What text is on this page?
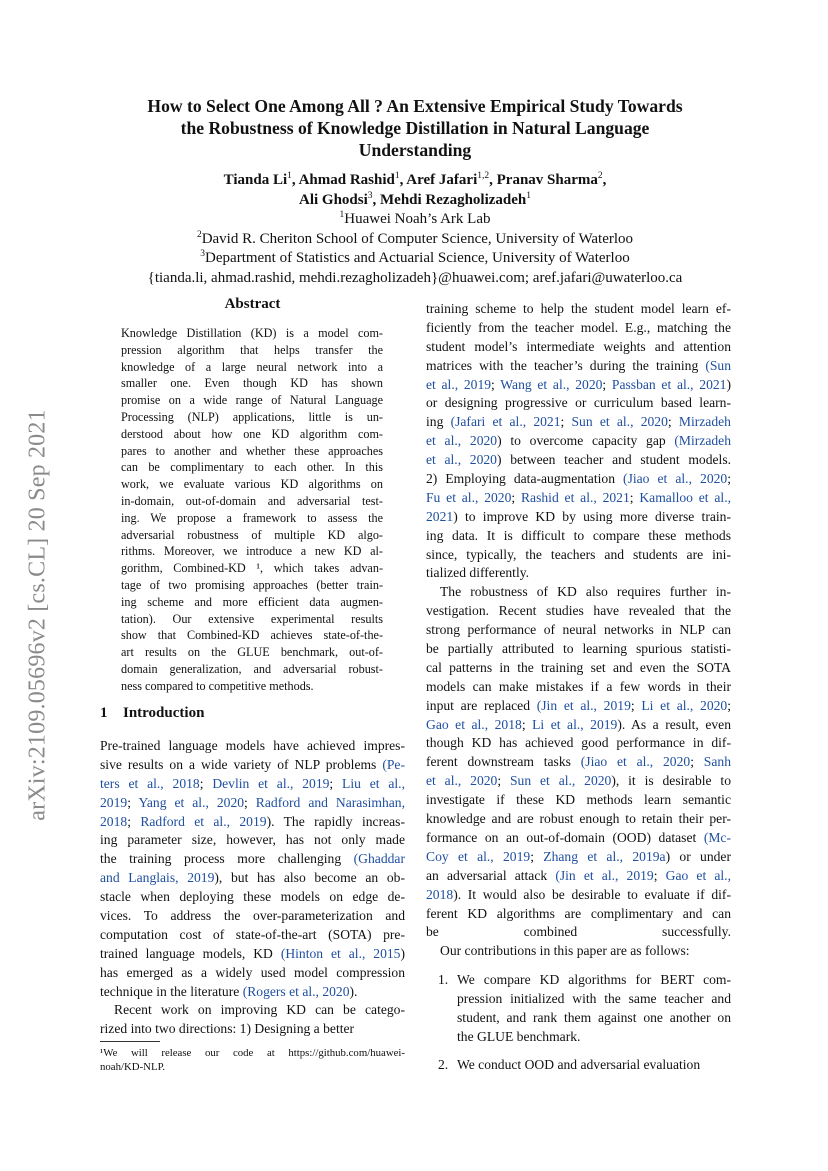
arXiv:2109.05696v2 [cs.CL] 20 Sep 2021
How to Select One Among All ? An Extensive Empirical Study Towards
the Robustness of Knowledge Distillation in Natural Language
Understanding
Tianda Li$^1$, Ahmad Rashid$^1$, Aref Jafari$^{1,2}$, Pranav Sharma$^2$,
Ali Ghodsi$^3$, Mehdi Rezagholizadeh$^1$
$^1$Huawei Noah’s Ark Lab
$^2$David R. Cheriton School of Computer Science, University of Waterloo
$^3$Department of Statistics and Actuarial Science, University of Waterloo
{tianda.li, ahmad.rashid, mehdi.rezagholizadeh}@huawei.com; aref.jafari@uwaterloo.ca
Abstract
Knowledge Distillation (KD) is a model com-
pression algorithm that helps transfer the
knowledge of a large neural network into a
smaller one. Even though KD has shown
promise on a wide range of Natural Language
Processing (NLP) applications, little is un-
derstood about how one KD algorithm com-
pares to another and whether these approaches
can be complimentary to each other. In this
work, we evaluate various KD algorithms on
in-domain, out-of-domain and adversarial test-
ing. We propose a framework to assess the
adversarial robustness of multiple KD algo-
rithms. Moreover, we introduce a new KD al-
gorithm, Combined-KD ¹, which takes advan-
tage of two promising approaches (better train-
ing scheme and more efficient data augmen-
tation). Our extensive experimental results
show that Combined-KD achieves state-of-the-
art results on the GLUE benchmark, out-of-
domain generalization, and adversarial robust-
ness compared to competitive methods.
1 Introduction
Pre-trained language models have achieved impres-
sive results on a wide variety of NLP problems (Pe-
ters et al., 2018; Devlin et al., 2019; Liu et al.,
2019; Yang et al., 2020; Radford and Narasimhan,
2018; Radford et al., 2019). The rapidly increas-
ing parameter size, however, has not only made
the training process more challenging (Ghaddar
and Langlais, 2019), but has also become an ob-
stacle when deploying these models on edge de-
vices. To address the over-parameterization and
computation cost of state-of-the-art (SOTA) pre-
trained language models, KD (Hinton et al., 2015)
has emerged as a widely used model compression
technique in the literature (Rogers et al., 2020).
Recent work on improving KD can be catego-
rized into two directions: 1) Designing a better
¹We will release our code at https://github.com/huawei-
noah/KD-NLP.
training scheme to help the student model learn ef-
ficiently from the teacher model. E.g., matching the
student model’s intermediate weights and attention
matrices with the teacher’s during the training (Sun
et al., 2019; Wang et al., 2020; Passban et al., 2021)
or designing progressive or curriculum based learn-
ing (Jafari et al., 2021; Sun et al., 2020; Mirzadeh
et al., 2020) to overcome capacity gap (Mirzadeh
et al., 2020) between teacher and student models.
2) Employing data-augmentation (Jiao et al., 2020;
Fu et al., 2020; Rashid et al., 2021; Kamalloo et al.,
2021) to improve KD by using more diverse train-
ing data. It is difficult to compare these methods
since, typically, the teachers and students are ini-
tialized differently.
The robustness of KD also requires further in-
vestigation. Recent studies have revealed that the
strong performance of neural networks in NLP can
be partially attributed to learning spurious statisti-
cal patterns in the training set and even the SOTA
models can make mistakes if a few words in their
input are replaced (Jin et al., 2019; Li et al., 2020;
Gao et al., 2018; Li et al., 2019). As a result, even
though KD has achieved good performance in dif-
ferent downstream tasks (Jiao et al., 2020; Sanh
et al., 2020; Sun et al., 2020), it is desirable to
investigate if these KD methods learn semantic
knowledge and are robust enough to retain their per-
formance on an out-of-domain (OOD) dataset (Mc-
Coy et al., 2019; Zhang et al., 2019a) or under
an adversarial attack (Jin et al., 2019; Gao et al.,
2018). It would also be desirable to evaluate if dif-
ferent KD algorithms are complimentary and can
be combined successfully.
Our contributions in this paper are as follows:
1. We compare KD algorithms for BERT com-
pression initialized with the same teacher and
student, and rank them against one another on
the GLUE benchmark.
2. We conduct OOD and adversarial evaluation
